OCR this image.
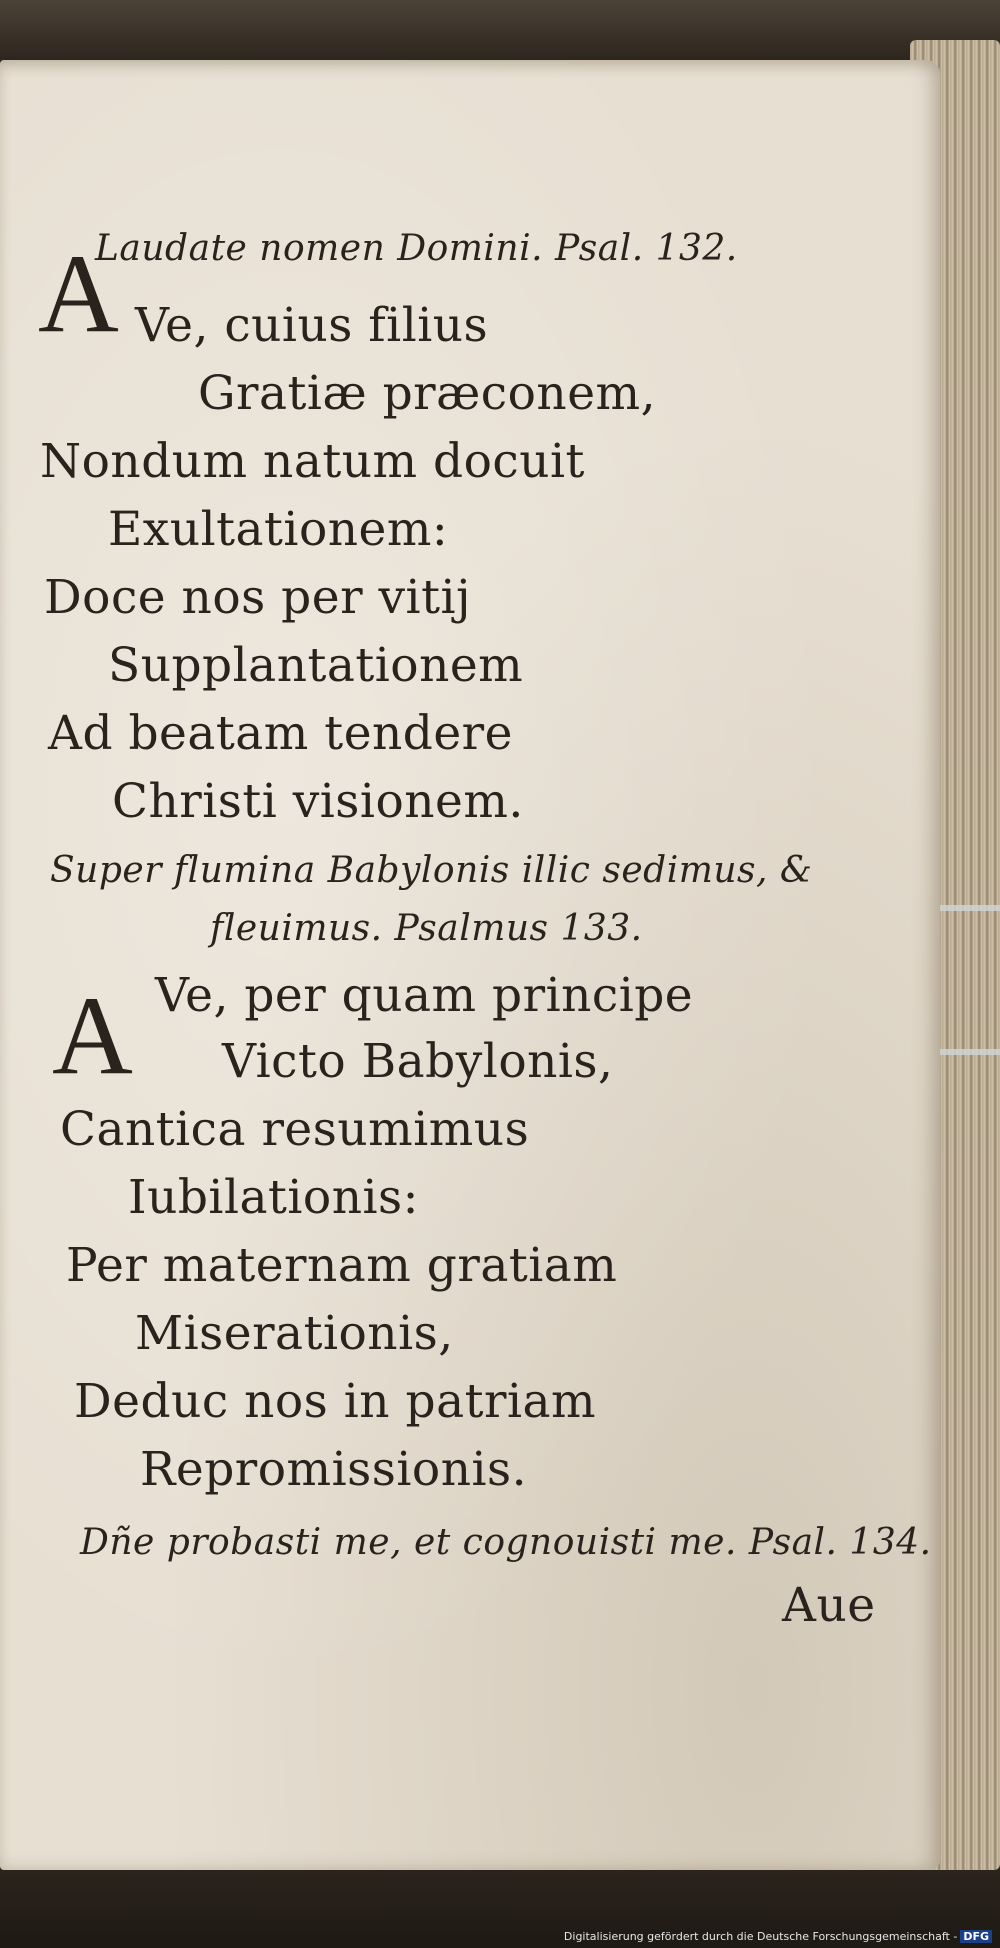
Laudate nomen Domini. Psal. 132.
A Ve, cuius filius
Gratiæ præconem,
Nondum natum docuit
Exultationem:
Doce nos per vitij
Supplantationem
Ad beatam tendere
Christi visionem.
Super flumina Babylonis illic sedimus, &
fleuimus. Psalmus 133.
A Ve, per quam principe
Victo Babylonis,
Cantica resumimus
Iubilationis:
Per maternam gratiam
Miserationis,
Deduc nos in patriam
Repromissionis.
Dñe probasti me, et cognouisti me. Psal. 134.
Aue
Digitalisierung gefördert durch die Deutsche Forschungsgemeinschaft - DFG
